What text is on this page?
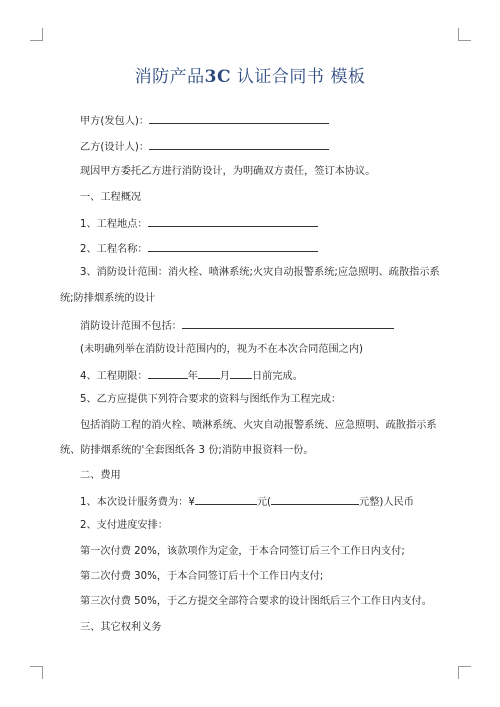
消防产品3C 认证合同书 模板
甲方(发包人)：
乙方(设计人)：
现因甲方委托乙方进行消防设计，为明确双方责任，签订本协议。
一、工程概况
1、工程地点：
2、工程名称：
3、消防设计范围：消火栓、喷淋系统;火灾自动报警系统;应急照明、疏散指示系
统;防排烟系统的设计
消防设计范围不包括：
(未明确列举在消防设计范围内的，视为不在本次合同范围之内)
4、工程期限：	年 月 日前完成。
5、乙方应提供下列符合要求的资料与图纸作为工程完成：
包括消防工程的消火栓、喷淋系统、火灾自动报警系统、应急照明、疏散指示系
统、防排烟系统的'全套图纸各 3 份;消防申报资料一份。
二、费用
1、本次设计服务费为：¥	元(	元整)人民币
2、支付进度安排：
第一次付费 20%，该款项作为定金，于本合同签订后三个工作日内支付;
第二次付费 30%，于本合同签订后十个工作日内支付;
第三次付费 50%，于乙方提交全部符合要求的设计图纸后三个工作日内支付。
三、其它权利义务
